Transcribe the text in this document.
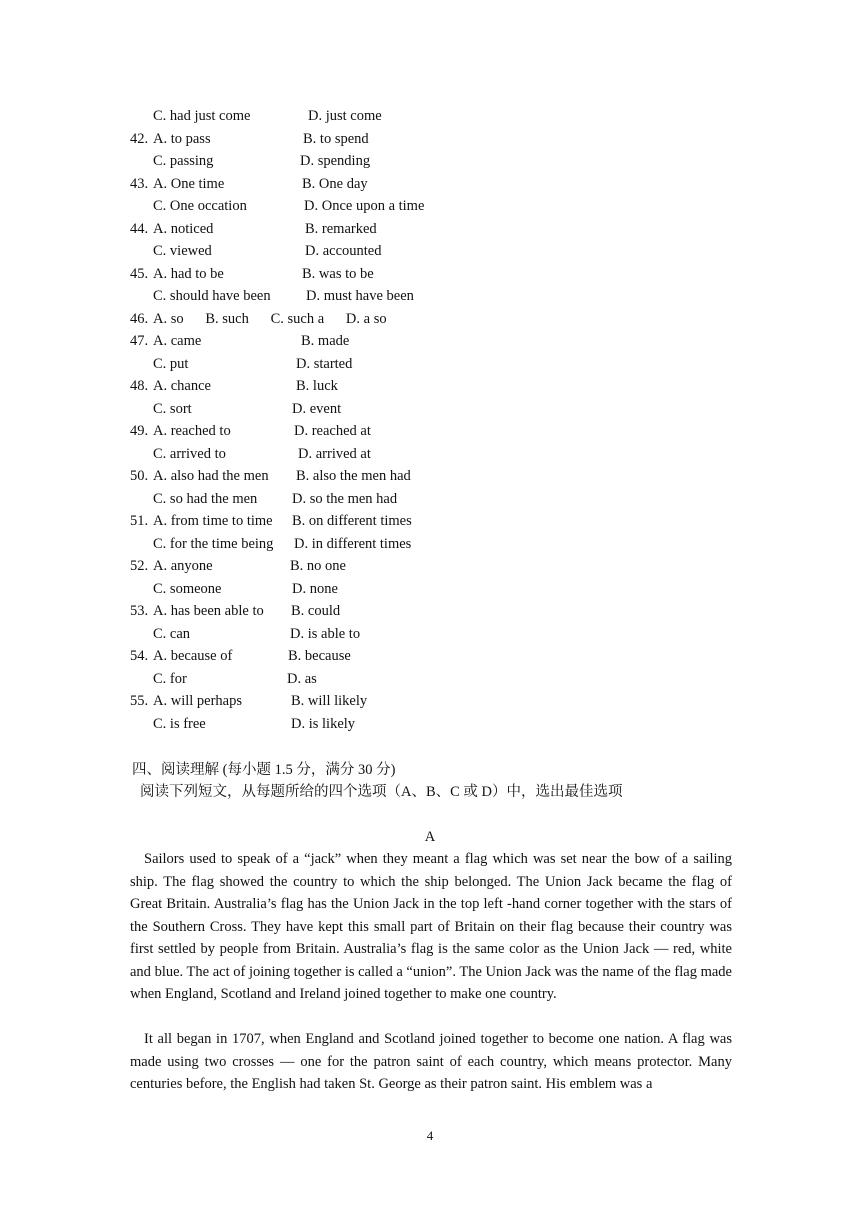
C. had just come	D. just come
42. A. to pass	B. to spend
C. passing	D. spending
43. A. One time	B. One day
C. One occation	D. Once upon a time
44. A. noticed	B. remarked
C. viewed	D. accounted
45. A. had to be	B. was to be
C. should have been D. must have been
46. A. so      B. such      C. such a      D. a so
47. A. came	B. made
C. put	D. started
48. A. chance	B. luck
C. sort	D. event
49. A. reached to	D. reached at
C. arrived to	D. arrived at
50. A. also had the men B. also the men had
C. so had the men D. so the men had
51. A. from time to time B. on different times
C. for the time being D. in different times
52. A. anyone	B. no one
C. someone	D. none
53. A. has been able to B. could
C. can	D. is able to
54. A. because of	B. because
C. for	D. as
55. A. will perhaps	B. will likely
C. is free	D. is likely
四、阅读理解 (每小题 1.5 分，满分 30 分)
阅读下列短文，从每题所给的四个选项（A、B、C 或 D）中，选出最佳选项
A
Sailors used to speak of a “jack” when they meant a flag which was set near the bow of a sailing ship. The flag showed the country to which the ship belonged. The Union Jack became the flag of Great Britain. Australia’s flag has the Union Jack in the top left -hand corner together with the stars of the Southern Cross. They have kept this small part of Britain on their flag because their country was first settled by people from Britain. Australia’s flag is the same color as the Union Jack — red, white and blue. The act of joining together is called a “union”. The Union Jack was the name of the flag made when England, Scotland and Ireland joined together to make one country.
It all began in 1707, when England and Scotland joined together to become one nation. A flag was made using two crosses — one for the patron saint of each country, which means protector. Many centuries before, the English had taken St. George as their patron saint. His emblem was a
4
